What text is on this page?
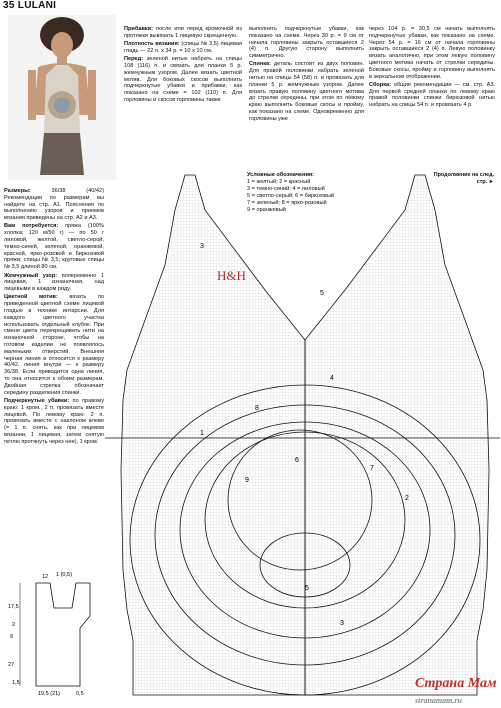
35 LULANI

Размеры:	36/38 (40/42) Рекомендации по размерам вы найдете на стр. А1. Пояснения по выполнению узоров и приемов вязания приведены на стр. А2 и А3.

Вам потребуется: пряжа (100% хлопка; 120 м/50 г) — по 50 г лиловой, желтой, светло-серой, темно-синей, зеленой, оранжевой, красной, ярко-розовой и бирюзовой пряжи; спицы № 3,5; круговые спицы № 3,5 длиной 80 см.

Жемчужный узор: попеременно 1 лицевая, 1 изнаночная, над лицевыми в каждом ряду.

Цветной мотив: вязать по приведенной цветной схеме лицевой гладью в технике интарсии. Для каждого цветного участка использовать отдельный клубок. При смене цвета перекрещивать нити на изнаночной стороне, чтобы на готовом изделии не появлялось маленьких отверстий. Внешняя черная линия в относится к размеру 40/42, линия внутри — к размеру 36/38. Если приводится одна линия, то она относится к обоим размерам. Двойная стрелка обозначает середину разделения спинки.

Подчеркнутые убавки: по правому краю: 1 кром., 2 п. провязать вместе лицевой. По левому краю: 2 п. провязать вместе с наклоном влево (= 1 п. снять, как при лицевом вязании, 1 лицевая, затем снятую петлю протянуть через нее), 1 кром.

Прибавки: после или перед кромочной из протяжки вывязать 1 лицевую скрещенную.

Плотность вязания: (спицы № 3,5) лицевая гладь — 22 п. x 34 р. = 10 x 10 см.

Перед: зеленой нитью набрать на спицы 108 (116) п. и связать для планки 5 р. жемчужным узором. Далее вязать цветной мотив. Для боковых скосов выполнить подчеркнутые убавки и прибавки, как показано на схеме = 102 (110) п. Для горловины и скосов горловины также

выполнить подчеркнутые убавки, как показано на схеме. Через 30 р. = 9 см от начала горловины закрыть оставшиеся 2 (4) п. Другую сторону выполнить симметрично.

Спинка: деталь состоит из двух половин. Для правой половинки набрать зеленой нитью на спицы 54 (58) п. и провязать для планки 5 р. жемчужным узором. Далее вязать правую половину цветного мотива до стрелки середины, при этом по левому краю выполнить боковые скосы и пройму, как показано на схеме. Одновременно для горловины уже

через 104 р. = 30,5 см начать выполнять подчеркнутые убавки, как показано на схеме. Через 54 р. = 16 см от начала горловины закрыть оставшиеся 2 (4) п. Левую половинку вязать аналогично, при этом левую половину цветного мотива начать от стрелки середины. Боковые скосы, пройму и горловину выполнять в зеркальном отображении.

Сборка: общие рекомендации — см. стр. А3. Для первой средней планки по левому краю правой половинки спинки бирюзовой нитью набрать на спицы 54 п. и провязать 4 р.

H&H
3
5
4
8
1
6
7
9
2
5
3
Условные обозначения:
1 = желтый; 2 = красный
3 = темно-синий; 4 = лиловый
5 = светло-серый; 6 = бирюзовый
7 = зеленый; 8 = ярко-розовый
9 = оранжевый
Продолжение на след. стр. ►
12 1 (0,5)
17,5
2
9
27
1,5
19,5 (21)	0,5
Страна Мам
stranamam.ru
